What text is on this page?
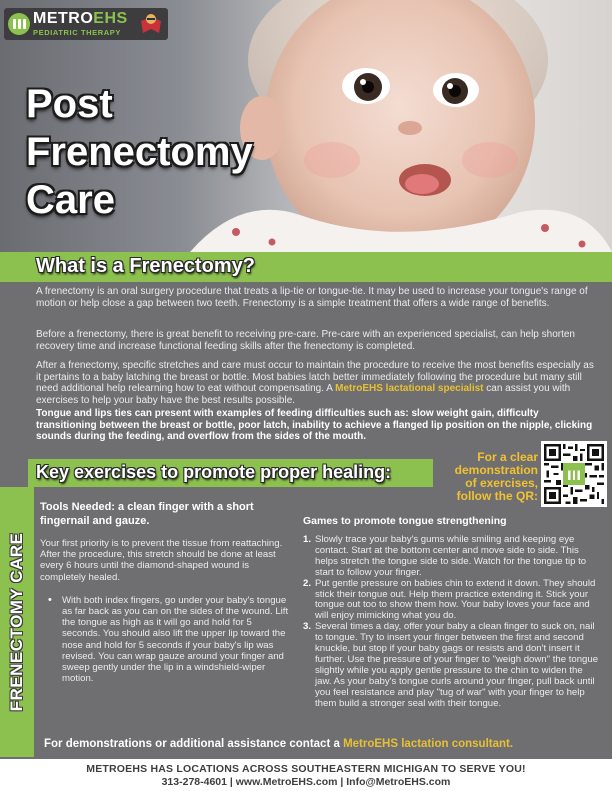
METROEHS
PEDIATRIC THERAPY
Post
Frenectomy
Care
What is a Frenectomy?

A frenectomy is an oral surgery procedure that treats a lip-tie or tongue-tie. It may be used to increase your tongue's range of motion or help close a gap between two teeth. Frenectomy is a simple treatment that offers a wide range of benefits.

Before a frenectomy, there is great benefit to receiving pre-care. Pre-care with an experienced specialist, can help shorten recovery time and increase functional feeding skills after the frenectomy is completed.

After a frenectomy, specific stretches and care must occur to maintain the procedure to receive the most benefits especially as it pertains to a baby latching the breast or bottle. Most babies latch better immediately following the procedure but many still need additional help relearning how to eat without compensating. A MetroEHS lactational specialist can assist you with exercises to help your baby have the best results possible.

Tongue and lips ties can present with examples of feeding difficulties such as: slow weight gain, difficulty transitioning between the breast or bottle, poor latch, inability to achieve a flanged lip position on the nipple, clicking sounds during the feeding, and overflow from the sides of the mouth.

Key exercises to promote proper healing:
For a clear
demonstration
of exercises,
follow the QR:
FRENECTOMY CARE
Tools Needed: a clean finger with a short fingernail and gauze.

Your first priority is to prevent the tissue from reattaching. After the procedure, this stretch should be done at least every 6 hours until the diamond-shaped wound is completely healed.

• With both index fingers, go under your baby's tongue as far back as you can on the sides of the wound. Lift the tongue as high as it will go and hold for 5 seconds. You should also lift the upper lip toward the nose and hold for 5 seconds if your baby's lip was revised. You can wrap gauze around your finger and sweep gently under the lip in a windshield-wiper motion.

Games to promote tongue strengthening
1. Slowly trace your baby's gums while smiling and keeping eye contact. Start at the bottom center and move side to side. This helps stretch the tongue side to side. Watch for the tongue tip to start to follow your finger.
2. Put gentle pressure on babies chin to extend it down. They should stick their tongue out. Help them practice extending it. Stick your tongue out too to show them how. Your baby loves your face and will enjoy mimicking what you do.
3. Several times a day, offer your baby a clean finger to suck on, nail to tongue. Try to insert your finger between the first and second knuckle, but stop if your baby gags or resists and don't insert it further. Use the pressure of your finger to "weigh down" the tongue slightly while you apply gentle pressure to the chin to widen the jaw. As your baby's tongue curls around your finger, pull back until you feel resistance and play "tug of war" with your finger to help them build a stronger seal with their tongue.
For demonstrations or additional assistance contact a MetroEHS lactation consultant.
METROEHS HAS LOCATIONS ACROSS SOUTHEASTERN MICHIGAN TO SERVE YOU!
313-278-4601 | www.MetroEHS.com | Info@MetroEHS.com
